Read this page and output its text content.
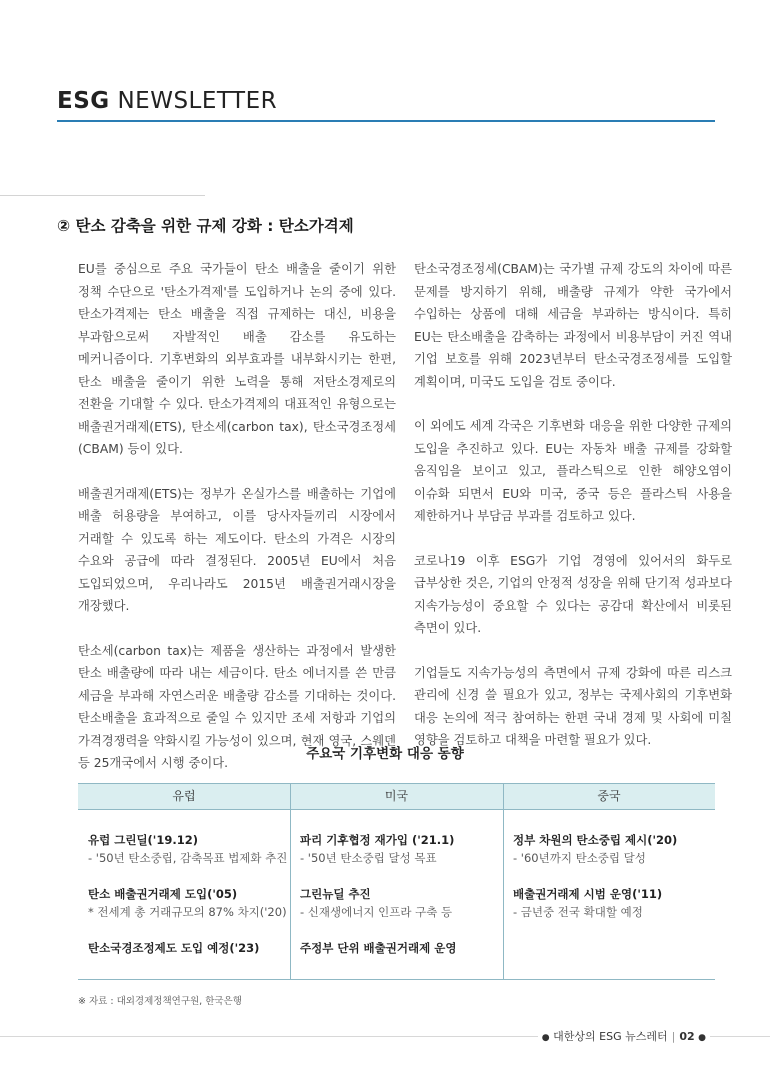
ESG NEWSLETTER
② 탄소 감축을 위한 규제 강화 : 탄소가격제

EU를 중심으로 주요 국가들이 탄소 배출을 줄이기 위한 정책 수단으로 '탄소가격제'를 도입하거나 논의 중에 있다. 탄소가격제는 탄소 배출을 직접 규제하는 대신, 비용을 부과함으로써 자발적인 배출 감소를 유도하는 메커니즘이다. 기후변화의 외부효과를 내부화시키는 한편, 탄소 배출을 줄이기 위한 노력을 통해 저탄소경제로의 전환을 기대할 수 있다. 탄소가격제의 대표적인 유형으로는 배출권거래제(ETS), 탄소세(carbon tax), 탄소국경조정세(CBAM) 등이 있다.

배출권거래제(ETS)는 정부가 온실가스를 배출하는 기업에 배출 허용량을 부여하고, 이를 당사자들끼리 시장에서 거래할 수 있도록 하는 제도이다. 탄소의 가격은 시장의 수요와 공급에 따라 결정된다. 2005년 EU에서 처음 도입되었으며, 우리나라도 2015년 배출권거래시장을 개장했다.

탄소세(carbon tax)는 제품을 생산하는 과정에서 발생한 탄소 배출량에 따라 내는 세금이다. 탄소 에너지를 쓴 만큼 세금을 부과해 자연스러운 배출량 감소를 기대하는 것이다. 탄소배출을 효과적으로 줄일 수 있지만 조세 저항과 기업의 가격경쟁력을 약화시킬 가능성이 있으며, 현재 영국, 스웨덴 등 25개국에서 시행 중이다.

탄소국경조정세(CBAM)는 국가별 규제 강도의 차이에 따른 문제를 방지하기 위해, 배출량 규제가 약한 국가에서 수입하는 상품에 대해 세금을 부과하는 방식이다. 특히 EU는 탄소배출을 감축하는 과정에서 비용부담이 커진 역내 기업 보호를 위해 2023년부터 탄소국경조정세를 도입할 계획이며, 미국도 도입을 검토 중이다.

이 외에도 세계 각국은 기후변화 대응을 위한 다양한 규제의 도입을 추진하고 있다. EU는 자동차 배출 규제를 강화할 움직임을 보이고 있고, 플라스틱으로 인한 해양오염이 이슈화 되면서 EU와 미국, 중국 등은 플라스틱 사용을 제한하거나 부담금 부과를 검토하고 있다.

코로나19 이후 ESG가 기업 경영에 있어서의 화두로 급부상한 것은, 기업의 안정적 성장을 위해 단기적 성과보다 지속가능성이 중요할 수 있다는 공감대 확산에서 비롯된 측면이 있다.

기업들도 지속가능성의 측면에서 규제 강화에 따른 리스크 관리에 신경 쓸 필요가 있고, 정부는 국제사회의 기후변화 대응 논의에 적극 참여하는 한편 국내 경제 및 사회에 미칠 영향을 검토하고 대책을 마련할 필요가 있다.

주요국 기후변화 대응 동향
유럽	미국	중국
유럽 그린딜('19.12)
- '50년 탄소중립, 감축목표 법제화 추진
탄소 배출권거래제 도입('05)
* 전세계 총 거래규모의 87% 차지('20)
탄소국경조정제도 도입 예정('23)
파리 기후협정 재가입 ('21.1)
- '50년 탄소중립 달성 목표
그린뉴딜 추진
- 신재생에너지 인프라 구축 등
주정부 단위 배출권거래제 운영
정부 차원의 탄소중립 제시('20)
- '60년까지 탄소중립 달성
배출권거래제 시범 운영('11)
- 금년중 전국 확대할 예정
※ 자료 : 대외경제정책연구원, 한국은행
● 대한상의 ESG 뉴스레터 | 02 ●
